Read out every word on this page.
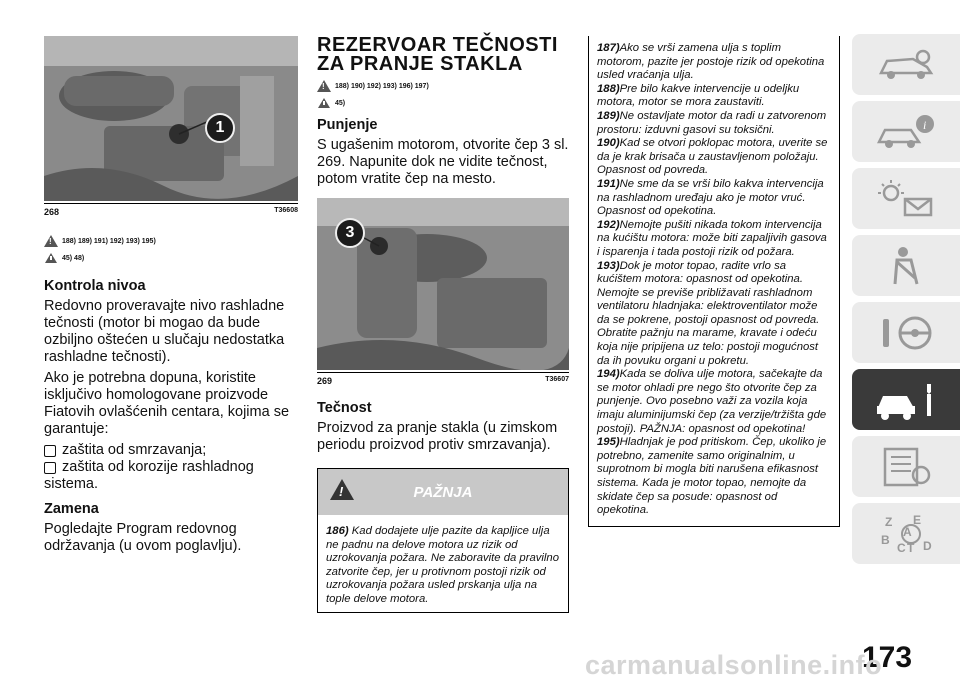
1
268	T36608
!
188) 189) 191) 192) 193) 195)
45) 48)
Kontrola nivoa

Redovno proveravajte nivo rashladne tečnosti (motor bi mogao da bude ozbiljno oštećen u slučaju nedostatka rashladne tečnosti).

Ako je potrebna dopuna, koristite isključivo homologovane proizvode Fiatovih ovlašćenih centara, kojima se garantuje:

zaštita od smrzavanja;
zaštita od korozije rashladnog

sistema.

Zamena

Pogledajte Program redovnog održavanja (u ovom poglavlju).

REZERVOAR TEČNOSTI
ZA PRANJE STAKLA
!
188) 190) 192) 193) 196) 197)
45)
Punjenje

S ugašenim motorom, otvorite čep 3 sl. 269. Napunite dok ne vidite tečnost, potom vratite čep na mesto.

3
269	T36607
Tečnost

Proizvod za pranje stakla (u zimskom periodu proizvod protiv smrzavanja).

!
PAŽNJA
186) Kad dodajete ulje pazite da kapljice ulja ne padnu na delove motora uz rizik od uzrokovanja požara. Ne zaboravite da pravilno zatvorite čep, jer u protivnom postoji rizik od uzrokovanja požara usled prskanja ulja na tople delove motora.
187)Ako se vrši zamena ulja s toplim motorom, pazite jer postoje rizik od opekotina usled vraćanja ulja.
188)Pre bilo kakve intervencije u odeljku motora, motor se mora zaustaviti.
189)Ne ostavljate motor da radi u zatvorenom prostoru: izduvni gasovi su toksični.
190)Kad se otvori poklopac motora, uverite se da je krak brisača u zaustavljenom položaju. Opasnost od povreda.
191)Ne sme da se vrši bilo kakva intervencija na rashladnom uređaju ako je motor vruć. Opasnost od opekotina.
192)Nemojte pušiti nikada tokom intervencija na kućištu motora: može biti zapaljivih gasova i isparenja i tada postoji rizik od požara.
193)Dok je motor topao, radite vrlo sa kućištem motora: opasnost od opekotina. Nemojte se previše približavati rashladnom ventilatoru hladnjaka: elektroventilator može da se pokrene, postoji opasnost od povreda. Obratite pažnju na marame, kravate i odeću koja nije pripijena uz telo: postoji mogućnost da ih povuku organi u pokretu.
194)Kada se doliva ulje motora, sačekajte da se motor ohladi pre nego što otvorite čep za punjenje. Ovo posebno važi za vozila koja imaju aluminijumski čep (za verzije/tržišta gde postoji). PAŽNJA: opasnost od opekotina!
195)Hladnjak je pod pritiskom. Čep, ukoliko je potrebno, zamenite samo originalnim, u suprotnom bi mogla biti narušena efikasnost sistema. Kada je motor topao, nemojte da skidate čep sa posude: opasnost od opekotina.
i
Z E
B
C T D
A
173
carmanualsonline.info
